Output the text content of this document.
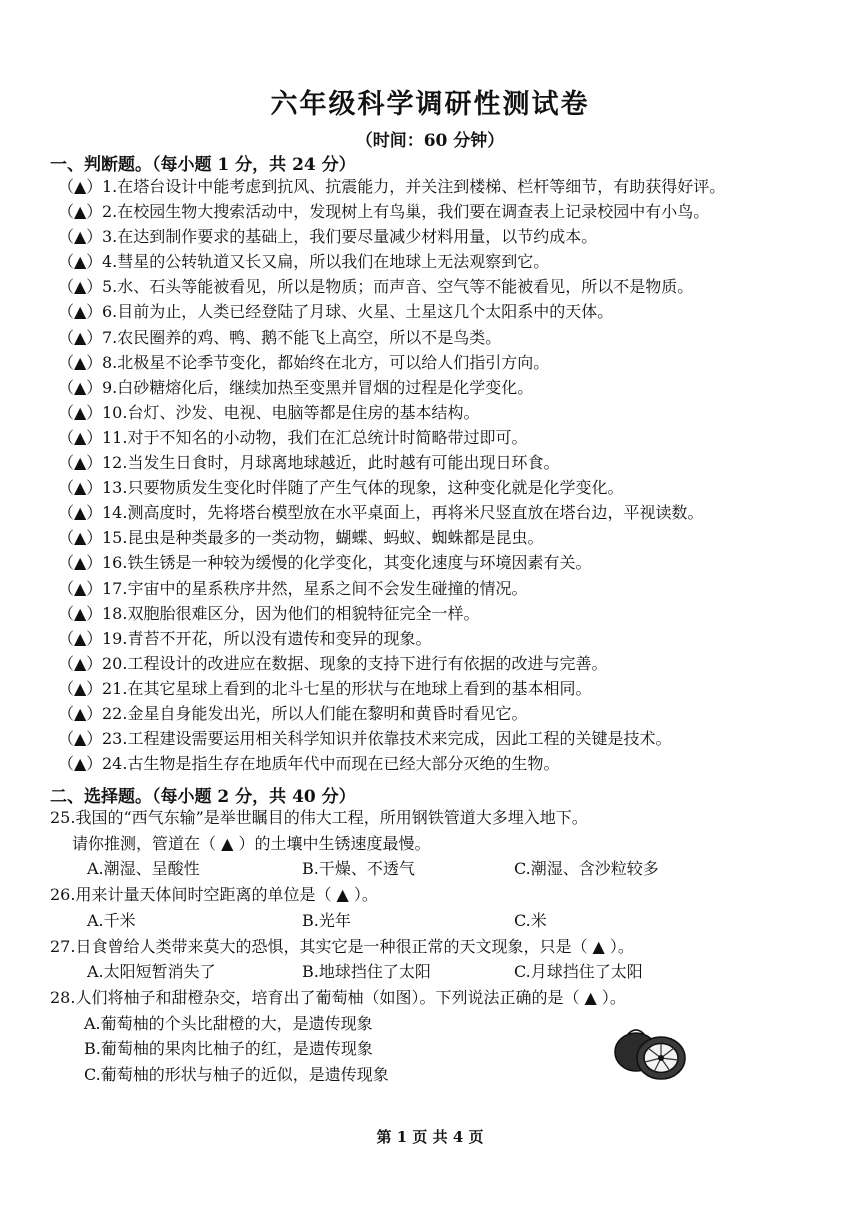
六年级科学调研性测试卷
（时间：60 分钟）
一、判断题。（每小题 1 分，共 24 分）
（▲）1.在塔台设计中能考虑到抗风、抗震能力，并关注到楼梯、栏杆等细节，有助获得好评。
（▲）2.在校园生物大搜索活动中，发现树上有鸟巢，我们要在调查表上记录校园中有小鸟。
（▲）3.在达到制作要求的基础上，我们要尽量减少材料用量，以节约成本。
（▲）4.彗星的公转轨道又长又扁，所以我们在地球上无法观察到它。
（▲）5.水、石头等能被看见，所以是物质；而声音、空气等不能被看见，所以不是物质。
（▲）6.目前为止，人类已经登陆了月球、火星、土星这几个太阳系中的天体。
（▲）7.农民圈养的鸡、鸭、鹅不能飞上高空，所以不是鸟类。
（▲）8.北极星不论季节变化，都始终在北方，可以给人们指引方向。
（▲）9.白砂糖熔化后，继续加热至变黑并冒烟的过程是化学变化。
（▲）10.台灯、沙发、电视、电脑等都是住房的基本结构。
（▲）11.对于不知名的小动物，我们在汇总统计时简略带过即可。
（▲）12.当发生日食时，月球离地球越近，此时越有可能出现日环食。
（▲）13.只要物质发生变化时伴随了产生气体的现象，这种变化就是化学变化。
（▲）14.测高度时，先将塔台模型放在水平桌面上，再将米尺竖直放在塔台边，平视读数。
（▲）15.昆虫是种类最多的一类动物，蝴蝶、蚂蚁、蜘蛛都是昆虫。
（▲）16.铁生锈是一种较为缓慢的化学变化，其变化速度与环境因素有关。
（▲）17.宇宙中的星系秩序井然，星系之间不会发生碰撞的情况。
（▲）18.双胞胎很难区分，因为他们的相貌特征完全一样。
（▲）19.青苔不开花，所以没有遗传和变异的现象。
（▲）20.工程设计的改进应在数据、现象的支持下进行有依据的改进与完善。
（▲）21.在其它星球上看到的北斗七星的形状与在地球上看到的基本相同。
（▲）22.金星自身能发出光，所以人们能在黎明和黄昏时看见它。
（▲）23.工程建设需要运用相关科学知识并依靠技术来完成，因此工程的关键是技术。
（▲）24.古生物是指生存在地质年代中而现在已经大部分灭绝的生物。
二、选择题。（每小题 2 分，共 40 分）
25.我国的“西气东输”是举世瞩目的伟大工程，所用钢铁管道大多埋入地下。
请你推测，管道在（ ▲ ）的土壤中生锈速度最慢。
A.潮湿、呈酸性	B.干燥、不透气	C.潮湿、含沙粒较多
26.用来计量天体间时空距离的单位是（ ▲ ）。
A.千米	B.光年	C.米
27.日食曾给人类带来莫大的恐惧，其实它是一种很正常的天文现象，只是（ ▲ ）。
A.太阳短暂消失了	B.地球挡住了太阳	C.月球挡住了太阳
28.人们将柚子和甜橙杂交，培育出了葡萄柚（如图）。下列说法正确的是（ ▲ ）。
A.葡萄柚的个头比甜橙的大，是遗传现象
B.葡萄柚的果肉比柚子的红，是遗传现象
C.葡萄柚的形状与柚子的近似，是遗传现象
第 1 页 共 4 页
